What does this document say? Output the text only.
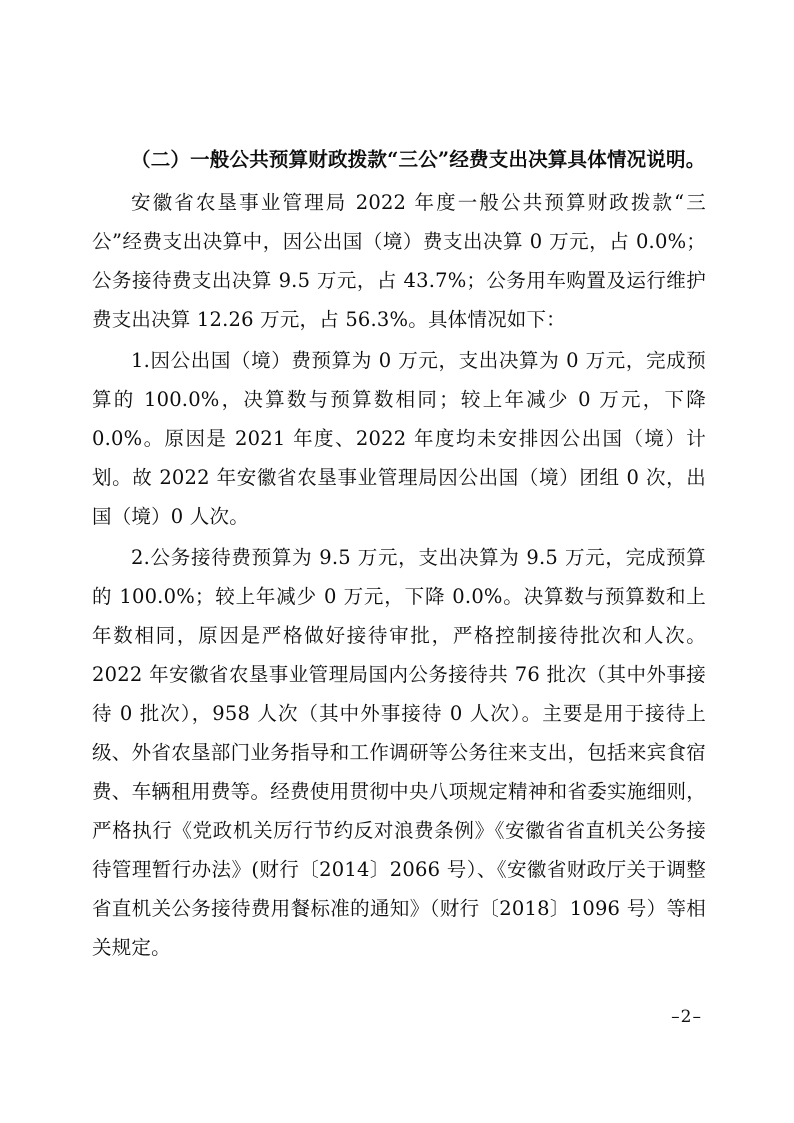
（二）一般公共预算财政拨款“三公”经费支出决算具体情况说明。

安徽省农垦事业管理局 2022 年度一般公共预算财政拨款“三公”经费支出决算中，因公出国（境）费支出决算 0 万元，占 0.0%；公务接待费支出决算 9.5 万元，占 43.7%；公务用车购置及运行维护费支出决算 12.26 万元，占 56.3%。具体情况如下：

1.因公出国（境）费预算为 0 万元，支出决算为 0 万元，完成预算的 100.0%，决算数与预算数相同；较上年减少 0 万元，下降 0.0%。原因是 2021 年度、2022 年度均未安排因公出国（境）计划。故 2022 年安徽省农垦事业管理局因公出国（境）团组 0 次，出国（境）0 人次。

2.公务接待费预算为 9.5 万元，支出决算为 9.5 万元，完成预算的 100.0%；较上年减少 0 万元，下降 0.0%。决算数与预算数和上年数相同，原因是严格做好接待审批，严格控制接待批次和人次。2022 年安徽省农垦事业管理局国内公务接待共 76 批次（其中外事接待 0 批次），958 人次（其中外事接待 0 人次）。主要是用于接待上级、外省农垦部门业务指导和工作调研等公务往来支出，包括来宾食宿费、车辆租用费等。经费使用贯彻中央八项规定精神和省委实施细则，严格执行《党政机关厉行节约反对浪费条例》《安徽省省直机关公务接待管理暂行办法》(财行〔2014〕2066 号）、《安徽省财政厅关于调整省直机关公务接待费用餐标准的通知》（财行〔2018〕1096 号）等相关规定。

–2–
